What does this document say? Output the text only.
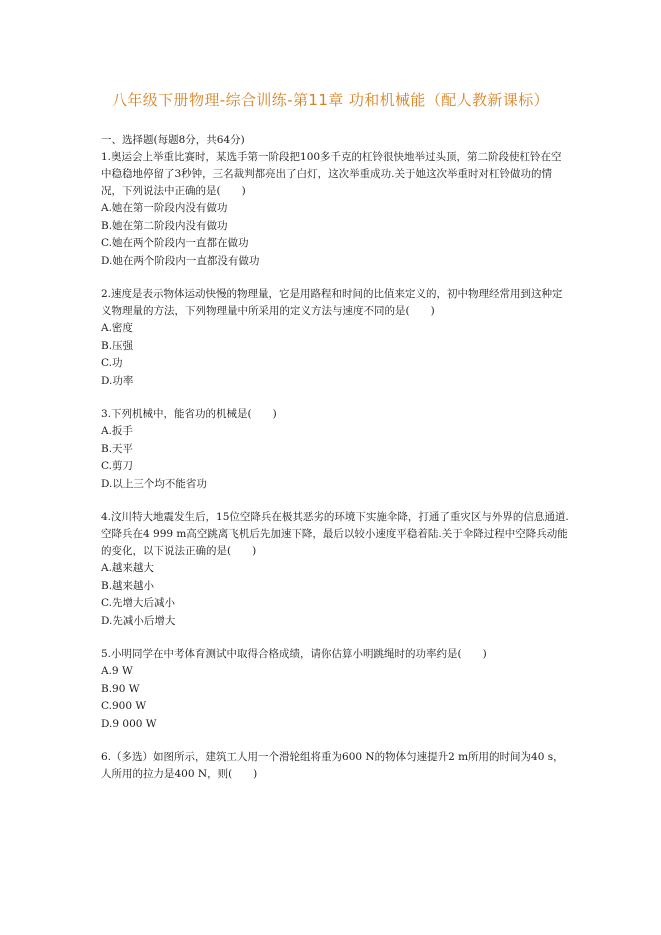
八年级下册物理-综合训练-第11章 功和机械能（配人教新课标）
一、选择题(每题8分，共64分)
1.奥运会上举重比赛时，某选手第一阶段把100多千克的杠铃很快地举过头顶，第二阶段使杠铃在空中稳稳地停留了3秒钟，三名裁判都亮出了白灯，这次举重成功.关于她这次举重时对杠铃做功的情况，下列说法中正确的是(　　)
A.她在第一阶段内没有做功
B.她在第二阶段内没有做功
C.她在两个阶段内一直都在做功
D.她在两个阶段内一直都没有做功
2.速度是表示物体运动快慢的物理量，它是用路程和时间的比值来定义的，初中物理经常用到这种定义物理量的方法，下列物理量中所采用的定义方法与速度不同的是(　　)
A.密度
B.压强
C.功
D.功率
3.下列机械中，能省功的机械是(　　)
A.扳手
B.天平
C.剪刀
D.以上三个均不能省功
4.汶川特大地震发生后，15位空降兵在极其恶劣的环境下实施伞降，打通了重灾区与外界的信息通道.空降兵在4 999 m高空跳离飞机后先加速下降，最后以较小速度平稳着陆.关于伞降过程中空降兵动能的变化，以下说法正确的是(　　)
A.越来越大
B.越来越小
C.先增大后减小
D.先减小后增大
5.小明同学在中考体育测试中取得合格成绩，请你估算小明跳绳时的功率约是(　　)
A.9 W
B.90 W
C.900 W
D.9 000 W
6.（多选）如图所示，建筑工人用一个滑轮组将重为600 N的物体匀速提升2 m所用的时间为40 s，人所用的拉力是400 N，则(　　)
